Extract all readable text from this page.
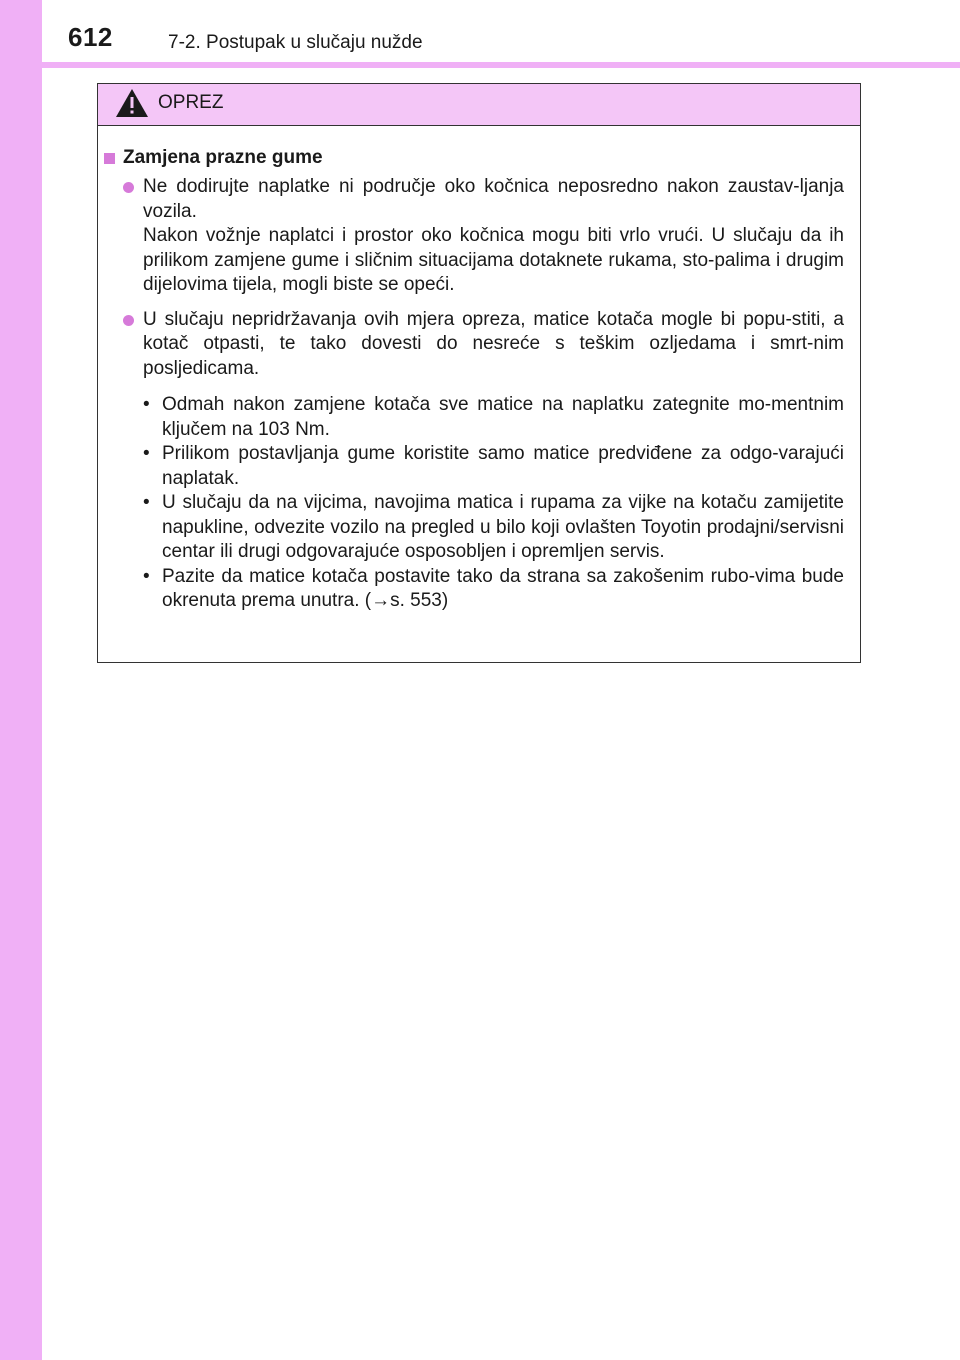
612	7-2. Postupak u slučaju nužde
OPREZ
Zamjena prazne gume

Ne dodirujte naplatke ni područje oko kočnica neposredno nakon zaustav-ljanja vozila.

Nakon vožnje naplatci i prostor oko kočnica mogu biti vrlo vrući. U slučaju da ih prilikom zamjene gume i sličnim situacijama dotaknete rukama, sto-palima i drugim dijelovima tijela, mogli biste se opeći.

U slučaju nepridržavanja ovih mjera opreza, matice kotača mogle bi popu-stiti, a kotač otpasti, te tako dovesti do nesreće s teškim ozljedama i smrt-nim posljedicama.

• Odmah nakon zamjene kotača sve matice na naplatku zategnite mo-mentnim ključem na 103 Nm.
• Prilikom postavljanja gume koristite samo matice predviđene za odgo-varajući naplatak.
• U slučaju da na vijcima, navojima matica i rupama za vijke na kotaču zamijetite napukline, odvezite vozilo na pregled u bilo koji ovlašten Toyotin prodajni/servisni centar ili drugi odgovarajuće osposobljen i opremljen servis.
• Pazite da matice kotača postavite tako da strana sa zakošenim rubo-vima bude okrenuta prema unutra. (→s. 553)
